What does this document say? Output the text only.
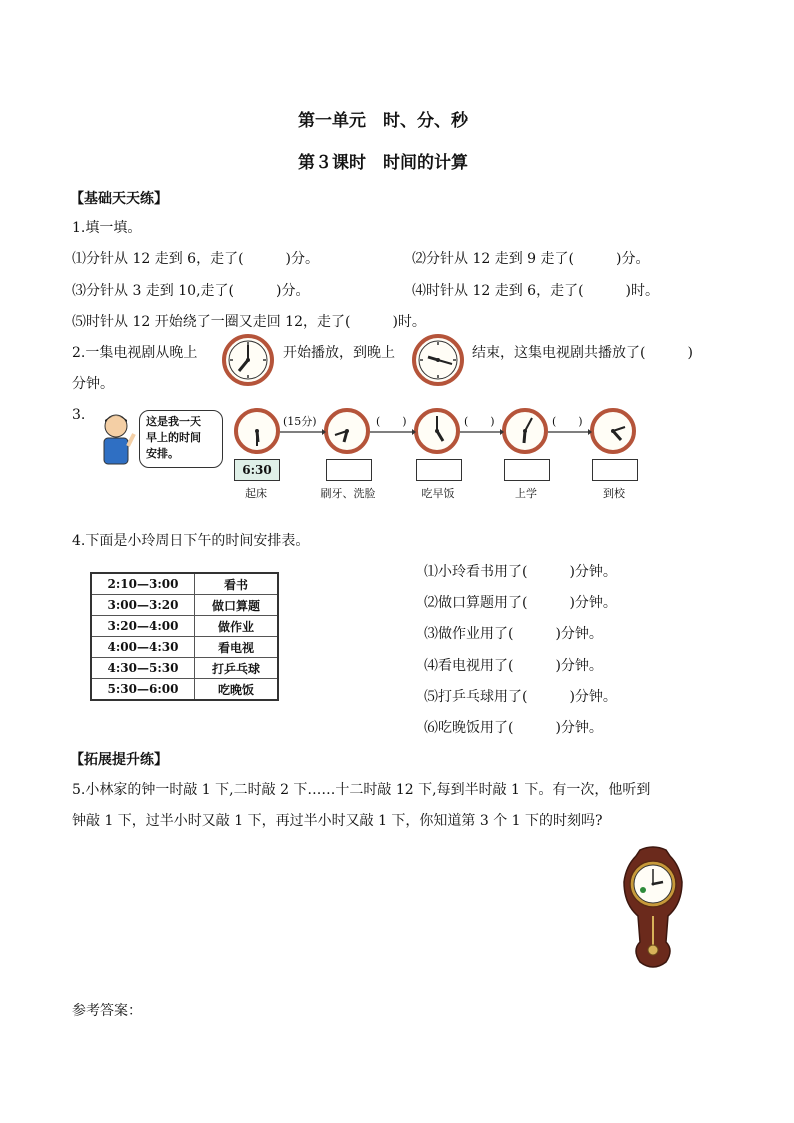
第一单元　时、分、秒
第３课时　时间的计算
【基础天天练】
1.填一填。
⑴分针从 12 走到 6，走了(　　　)分。	⑵分针从 12 走到 9 走了(　　　)分。
⑶分针从 3 走到 10,走了(　　　)分。	⑷时针从 12 走到 6，走了(　　　)时。
⑸时针从 12 开始绕了一圈又走回 12，走了(　　　)时。
2.一集电视剧从晚上	开始播放，到晚上	结束，这集电视剧共播放了(　　　)
分钟。
3.	这是我一天
早上的时间
安排。
(15分)	(　　)	(　　)	(　　)
6:30
起床	刷牙、洗脸	吃早饭	上学	到校
4.下面是小玲周日下午的时间安排表。
2:10—3:00	看书
3:00—3:20	做口算题
3:20—4:00	做作业
4:00—4:30	看电视
4:30—5:30	打乒乓球
5:30—6:00	吃晚饭
⑴小玲看书用了(　　　)分钟。
⑵做口算题用了(　　　)分钟。
⑶做作业用了(　　　)分钟。
⑷看电视用了(　　　)分钟。
⑸打乒乓球用了(　　　)分钟。
⑹吃晚饭用了(　　　)分钟。
【拓展提升练】
5.小林家的钟一时敲 1 下,二时敲 2 下……十二时敲 12 下,每到半时敲 1 下。有一次，他听到
钟敲 1 下，过半小时又敲 1 下，再过半小时又敲 1 下，你知道第 3 个 1 下的时刻吗?
参考答案：
